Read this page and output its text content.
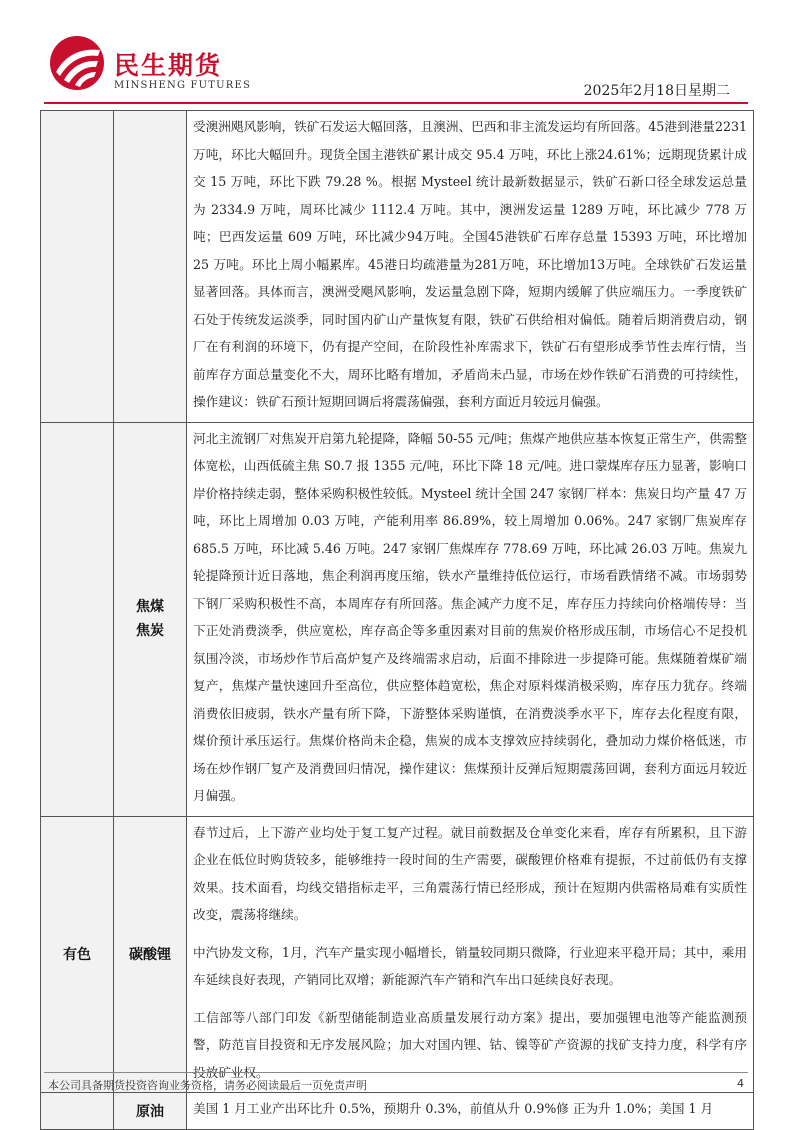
民生期货
MINSHENG FUTURES	2025年2月18日星期二

		受澳洲飓风影响，铁矿石发运大幅回落，且澳洲、巴西和非主流发运均有所回落。45港到港量2231万吨，环比大幅回升。现货全国主港铁矿累计成交 95.4 万吨，环比上涨24.61%；远期现货累计成交 15 万吨，环比下跌 79.28 %。根据 Mysteel 统计最新数据显示，铁矿石新口径全球发运总量为 2334.9 万吨，周环比减少 1112.4 万吨。其中，澳洲发运量 1289 万吨，环比减少 778 万吨；巴西发运量 609 万吨，环比减少94万吨。全国45港铁矿石库存总量 15393 万吨，环比增加 25 万吨。环比上周小幅累库。45港日均疏港量为281万吨，环比增加13万吨。全球铁矿石发运量显著回落。具体而言，澳洲受飓风影响，发运量急剧下降，短期内缓解了供应端压力。一季度铁矿石处于传统发运淡季，同时国内矿山产量恢复有限，铁矿石供给相对偏低。随着后期消费启动，钢厂在有利润的环境下，仍有提产空间，在阶段性补库需求下，铁矿石有望形成季节性去库行情，当前库存方面总量变化不大，周环比略有增加，矛盾尚未凸显，市场在炒作铁矿石消费的可持续性，操作建议：铁矿石预计短期回调后将震荡偏强，套利方面近月较远月偏强。

	焦煤
焦炭	河北主流钢厂对焦炭开启第九轮提降，降幅 50-55 元/吨；焦煤产地供应基本恢复正常生产，供需整体宽松，山西低硫主焦 S0.7 报 1355 元/吨，环比下降 18 元/吨。进口蒙煤库存压力显著，影响口岸价格持续走弱，整体采购积极性较低。Mysteel 统计全国 247 家钢厂样本：焦炭日均产量 47 万吨，环比上周增加 0.03 万吨，产能利用率 86.89%，较上周增加 0.06%。247 家钢厂焦炭库存 685.5 万吨，环比减 5.46 万吨。247 家钢厂焦煤库存 778.69 万吨，环比减 26.03 万吨。焦炭九轮提降预计近日落地，焦企利润再度压缩，铁水产量维持低位运行，市场看跌情绪不减。市场弱势下钢厂采购积极性不高，本周库存有所回落。焦企减产力度不足，库存压力持续向价格端传导：当下正处消费淡季，供应宽松，库存高企等多重因素对目前的焦炭价格形成压制，市场信心不足投机氛围冷淡，市场炒作节后高炉复产及终端需求启动，后面不排除进一步提降可能。焦煤随着煤矿端复产，焦煤产量快速回升至高位，供应整体趋宽松，焦企对原料煤消极采购，库存压力犹存。终端消费依旧疲弱，铁水产量有所下降，下游整体采购谨慎，在消费淡季水平下，库存去化程度有限，煤价预计承压运行。焦煤价格尚未企稳，焦炭的成本支撑效应持续弱化，叠加动力煤价格低迷，市场在炒作钢厂复产及消费回归情况，操作建议：焦煤预计反弹后短期震荡回调，套利方面远月较近月偏强。

有色	碳酸锂	春节过后，上下游产业均处于复工复产过程。就目前数据及仓单变化来看，库存有所累积，且下游企业在低位时购货较多，能够维持一段时间的生产需要，碳酸锂价格难有提振，不过前低仍有支撑效果。技术面看，均线交错指标走平，三角震荡行情已经形成，预计在短期内供需格局难有实质性改变，震荡将继续。

中汽协发文称，1月，汽车产量实现小幅增长，销量较同期只微降，行业迎来平稳开局；其中，乘用车延续良好表现，产销同比双增；新能源汽车产销和汽车出口延续良好表现。

工信部等八部门印发《新型储能制造业高质量发展行动方案》提出，要加强锂电池等产能监测预警，防范盲目投资和无序发展风险；加大对国内锂、钴、镍等矿产资源的找矿支持力度，科学有序投放矿业权。

	原油	美国 1 月工业产出环比升 0.5%，预期升 0.3%，前值从升 0.9%修 正为升 1.0%；美国 1 月

本公司具备期货投资咨询业务资格，请务必阅读最后一页免责声明	4
